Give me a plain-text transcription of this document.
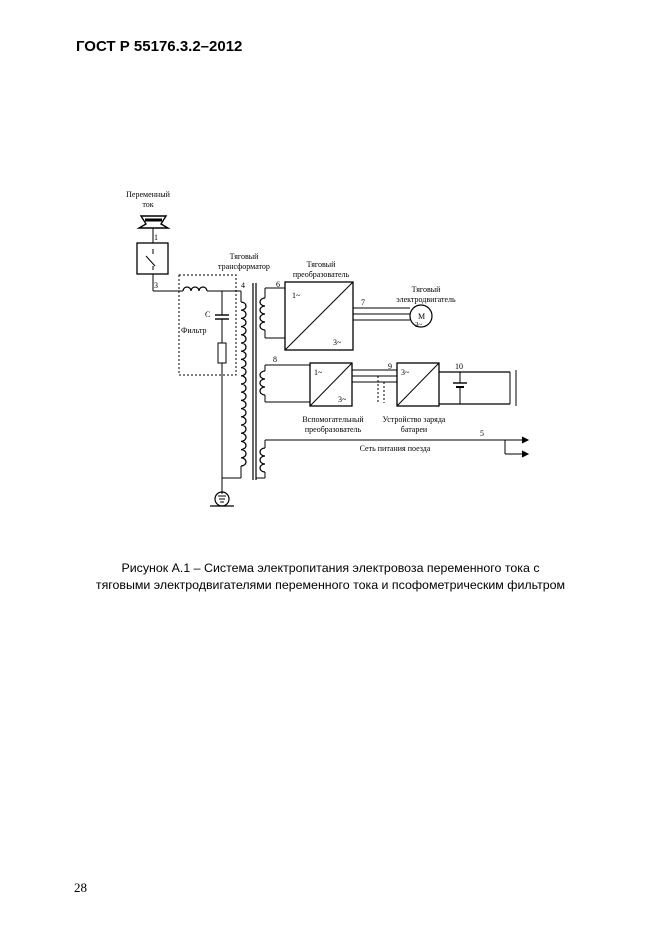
ГОСТ Р 55176.3.2–2012
Переменный
ток
Тяговый
трансформатор	Тяговый
преобразователь
Тяговый
электродвигатель
Фильтр
C
Вспомогательный
преобразователь
Устройство заряда
батареи
Сеть питания поезда
M
3~
1~
3~
1~
3~
3~
1
3	4
5
6
7
8
9	10

Рисунок А.1 – Система электропитания электровоза переменного тока с
тяговыми электродвигателями переменного тока и псофометрическим фильтром

28
